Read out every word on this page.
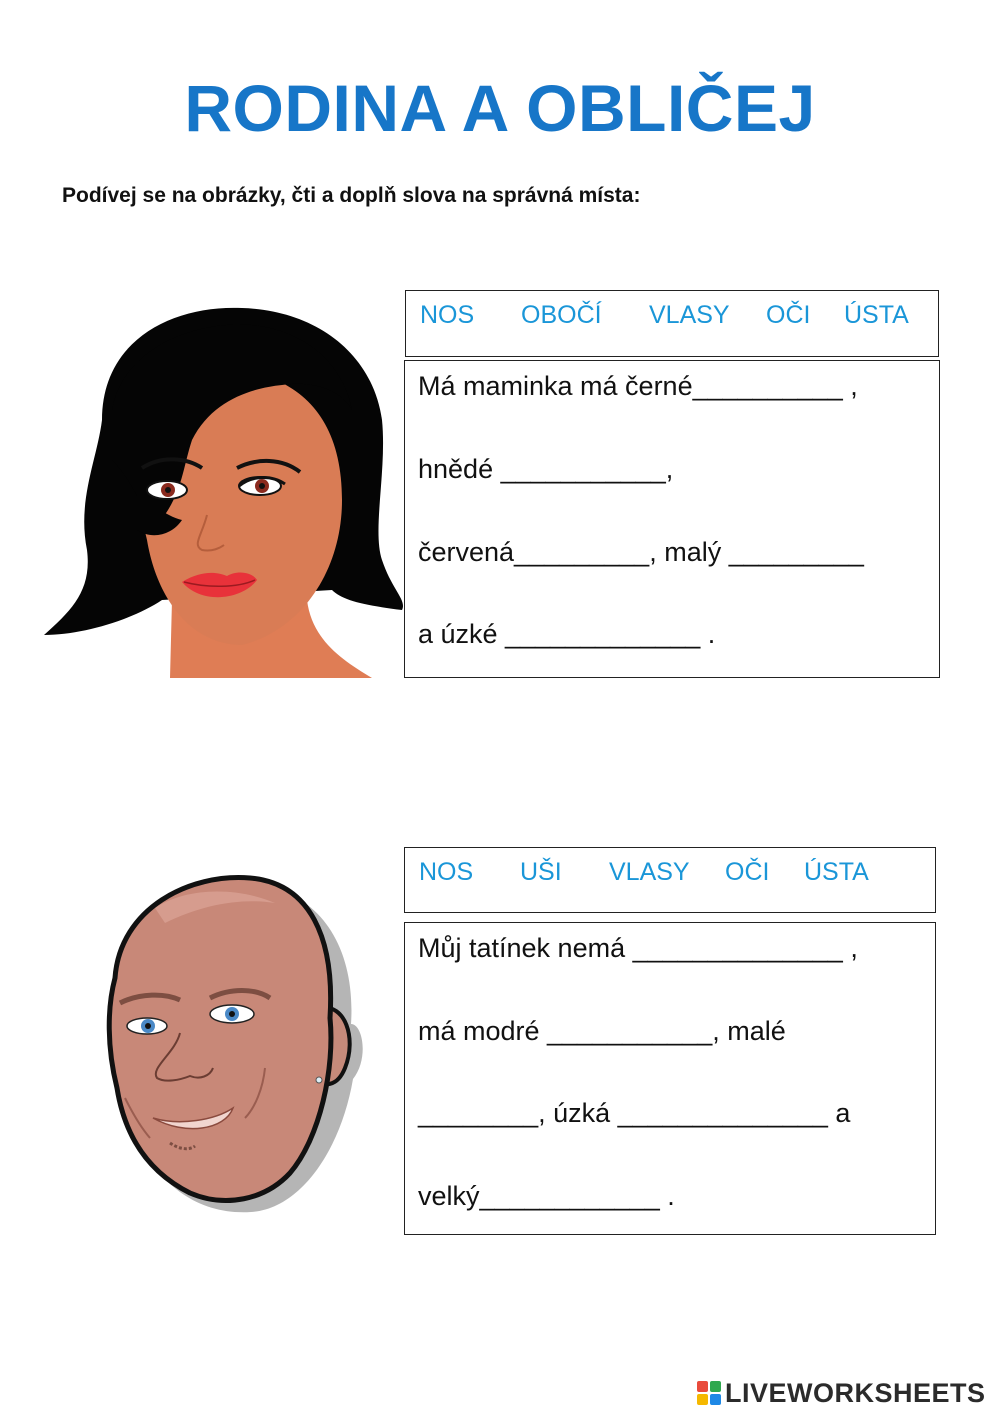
RODINA A OBLIČEJ
Podívej se na obrázky, čti a doplň slova na správná místa:
NOS OBOČÍ VLASY OČI ÚSTA
Má maminka má černé__________ ,
hnědé ___________,
červená_________, malý _________
a úzké _____________ .
NOS UŠI VLASY OČI ÚSTA
Můj tatínek nemá ______________ ,
má modré ___________, malé
________, úzká ______________ a
velký____________ .
LIVEWORKSHEETS
